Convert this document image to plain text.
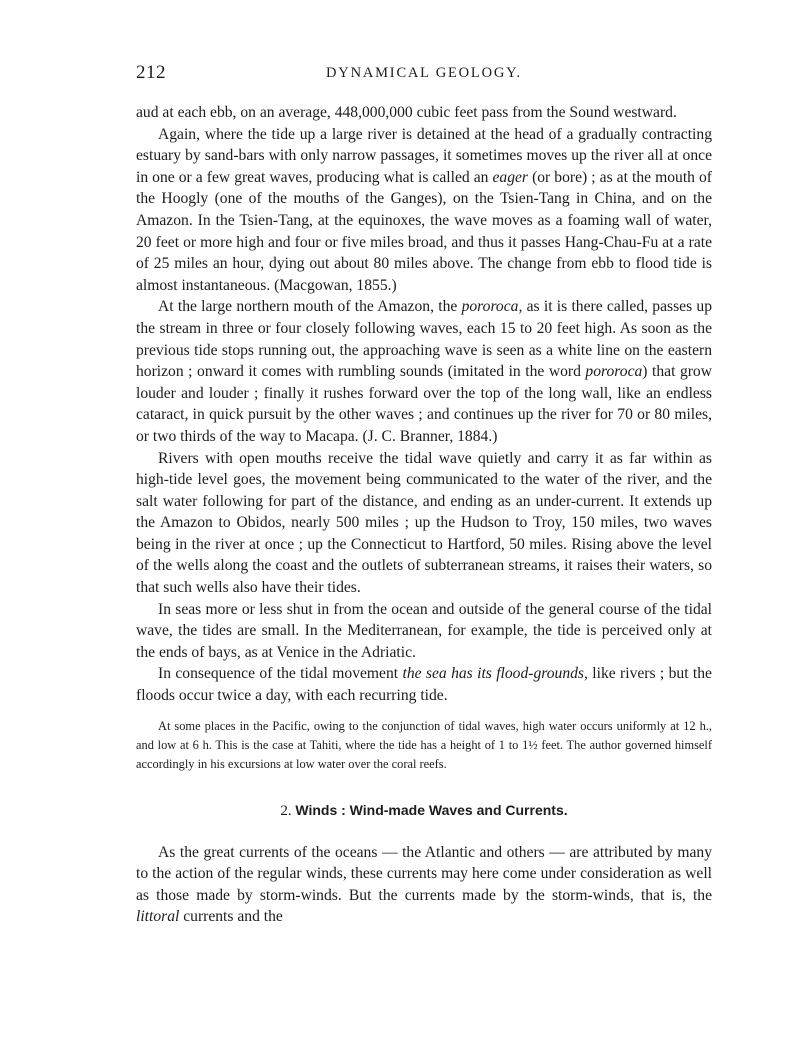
212	DYNAMICAL GEOLOGY.

aud at each ebb, on an average, 448,000,000 cubic feet pass from the Sound westward.

Again, where the tide up a large river is detained at the head of a gradually contracting estuary by sand-bars with only narrow passages, it sometimes moves up the river all at once in one or a few great waves, producing what is called an eager (or bore) ; as at the mouth of the Hoogly (one of the mouths of the Ganges), on the Tsien-Tang in China, and on the Amazon. In the Tsien-Tang, at the equinoxes, the wave moves as a foaming wall of water, 20 feet or more high and four or five miles broad, and thus it passes Hang-Chau-Fu at a rate of 25 miles an hour, dying out about 80 miles above. The change from ebb to flood tide is almost instantaneous. (Macgowan, 1855.)

At the large northern mouth of the Amazon, the pororoca, as it is there called, passes up the stream in three or four closely following waves, each 15 to 20 feet high. As soon as the previous tide stops running out, the approaching wave is seen as a white line on the eastern horizon ; onward it comes with rumbling sounds (imitated in the word pororoca) that grow louder and louder ; finally it rushes forward over the top of the long wall, like an endless cataract, in quick pursuit by the other waves ; and continues up the river for 70 or 80 miles, or two thirds of the way to Macapa. (J. C. Branner, 1884.)

Rivers with open mouths receive the tidal wave quietly and carry it as far within as high-tide level goes, the movement being communicated to the water of the river, and the salt water following for part of the distance, and ending as an under-current. It extends up the Amazon to Obidos, nearly 500 miles ; up the Hudson to Troy, 150 miles, two waves being in the river at once ; up the Connecticut to Hartford, 50 miles. Rising above the level of the wells along the coast and the outlets of subterranean streams, it raises their waters, so that such wells also have their tides.

In seas more or less shut in from the ocean and outside of the general course of the tidal wave, the tides are small. In the Mediterranean, for example, the tide is perceived only at the ends of bays, as at Venice in the Adriatic.

In consequence of the tidal movement the sea has its flood-grounds, like rivers ; but the floods occur twice a day, with each recurring tide.

At some places in the Pacific, owing to the conjunction of tidal waves, high water occurs uniformly at 12 h., and low at 6 h. This is the case at Tahiti, where the tide has a height of 1 to 1½ feet. The author governed himself accordingly in his excursions at low water over the coral reefs.
2. Winds : Wind-made Waves and Currents.
As the great currents of the oceans — the Atlantic and others — are attributed by many to the action of the regular winds, these currents may here come under consideration as well as those made by storm-winds. But the currents made by the storm-winds, that is, the littoral currents and the
